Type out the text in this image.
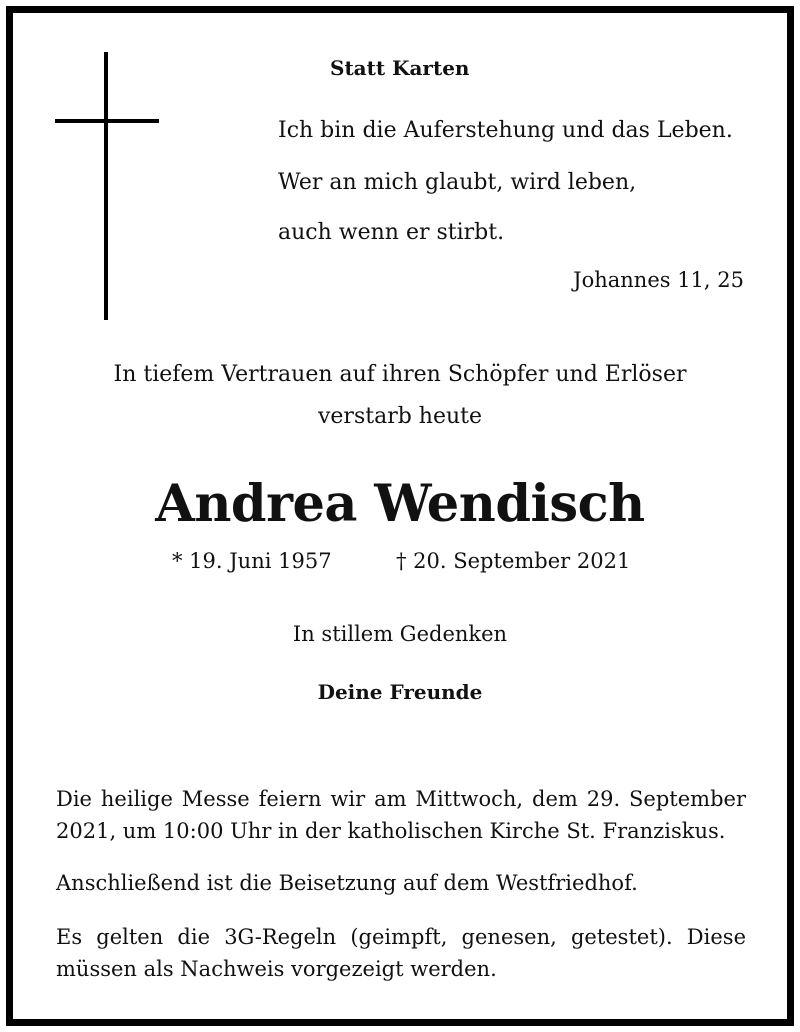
Statt Karten
Ich bin die Auferstehung und das Leben.
Wer an mich glaubt, wird leben,
auch wenn er stirbt.
Johannes 11, 25
In tiefem Vertrauen auf ihren Schöpfer und Erlöser
verstarb heute
Andrea Wendisch
* 19. Juni 1957	† 20. September 2021
In stillem Gedenken
Deine Freunde

Die heilige Messe feiern wir am Mittwoch, dem 29. September 2021, um 10:00 Uhr in der katholischen Kirche St. Franziskus.

Anschließend ist die Beisetzung auf dem Westfriedhof.

Es gelten die 3G-Regeln (geimpft, genesen, getestet). Diese müssen als Nachweis vorgezeigt werden.
